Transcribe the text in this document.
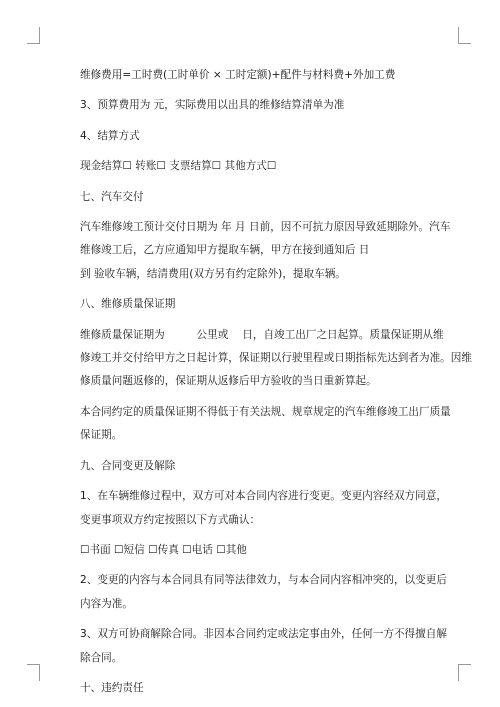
维修费用=工时费(工时单价 × 工时定额)+配件与材料费+外加工费

3、预算费用为 元，实际费用以出具的维修结算清单为准

4、结算方式

现金结算☐ 转账☐ 支票结算☐ 其他方式☐

七、汽车交付

汽车维修竣工预计交付日期为 年 月 日前，因不可抗力原因导致延期除外。汽车

维修竣工后，乙方应通知甲方提取车辆，甲方在接到通知后 日

到 验收车辆，结清费用(双方另有约定除外)，提取车辆。

八、维修质量保证期

维修质量保证期为　　　公里或　 日，自竣工出厂之日起算。质量保证期从维

修竣工并交付给甲方之日起计算，保证期以行驶里程或日期指标先达到者为准。因维

修质量问题返修的，保证期从返修后甲方验收的当日重新算起。

本合同约定的质量保证期不得低于有关法规、规章规定的汽车维修竣工出厂质量

保证期。

九、合同变更及解除

1、在车辆维修过程中，双方可对本合同内容进行变更。变更内容经双方同意，

变更事项双方约定按照以下方式确认：

☐书面 ☐短信 ☐传真 ☐电话 ☐其他

2、变更的内容与本合同具有同等法律效力，与本合同内容相冲突的，以变更后

内容为准。

3、双方可协商解除合同。非因本合同约定或法定事由外，任何一方不得擅自解

除合同。

十、违约责任
